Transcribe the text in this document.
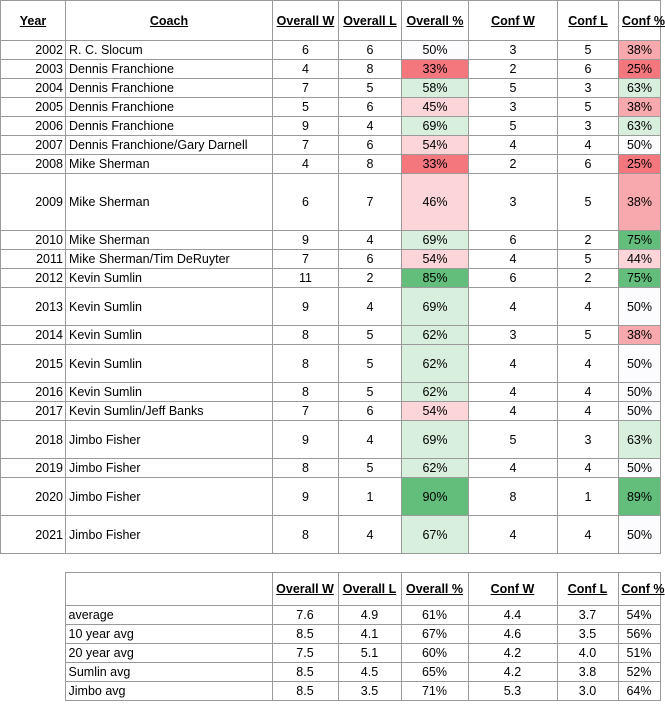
Year	Coach	Overall W	Overall L	Overall %	Conf W	Conf L	Conf %
2002	R. C. Slocum	6	6	50%	3	5	38%
2003	Dennis Franchione	4	8	33%	2	6	25%
2004	Dennis Franchione	7	5	58%	5	3	63%
2005	Dennis Franchione	5	6	45%	3	5	38%
2006	Dennis Franchione	9	4	69%	5	3	63%
2007	Dennis Franchione/Gary Darnell	7	6	54%	4	4	50%
2008	Mike Sherman	4	8	33%	2	6	25%
2009	Mike Sherman	6	7	46%	3	5	38%
2010	Mike Sherman	9	4	69%	6	2	75%
2011	Mike Sherman/Tim DeRuyter	7	6	54%	4	5	44%
2012	Kevin Sumlin	11	2	85%	6	2	75%
2013	Kevin Sumlin	9	4	69%	4	4	50%
2014	Kevin Sumlin	8	5	62%	3	5	38%
2015	Kevin Sumlin	8	5	62%	4	4	50%
2016	Kevin Sumlin	8	5	62%	4	4	50%
2017	Kevin Sumlin/Jeff Banks	7	6	54%	4	4	50%
2018	Jimbo Fisher	9	4	69%	5	3	63%
2019	Jimbo Fisher	8	5	62%	4	4	50%
2020	Jimbo Fisher	9	1	90%	8	1	89%
2021	Jimbo Fisher	8	4	67%	4	4	50%
		Overall W	Overall L	Overall %	Conf W	Conf L	Conf %
	average	7.6	4.9	61%	4.4	3.7	54%
	10 year avg	8.5	4.1	67%	4.6	3.5	56%
	20 year avg	7.5	5.1	60%	4.2	4.0	51%
	Sumlin avg	8.5	4.5	65%	4.2	3.8	52%
	Jimbo avg	8.5	3.5	71%	5.3	3.0	64%
